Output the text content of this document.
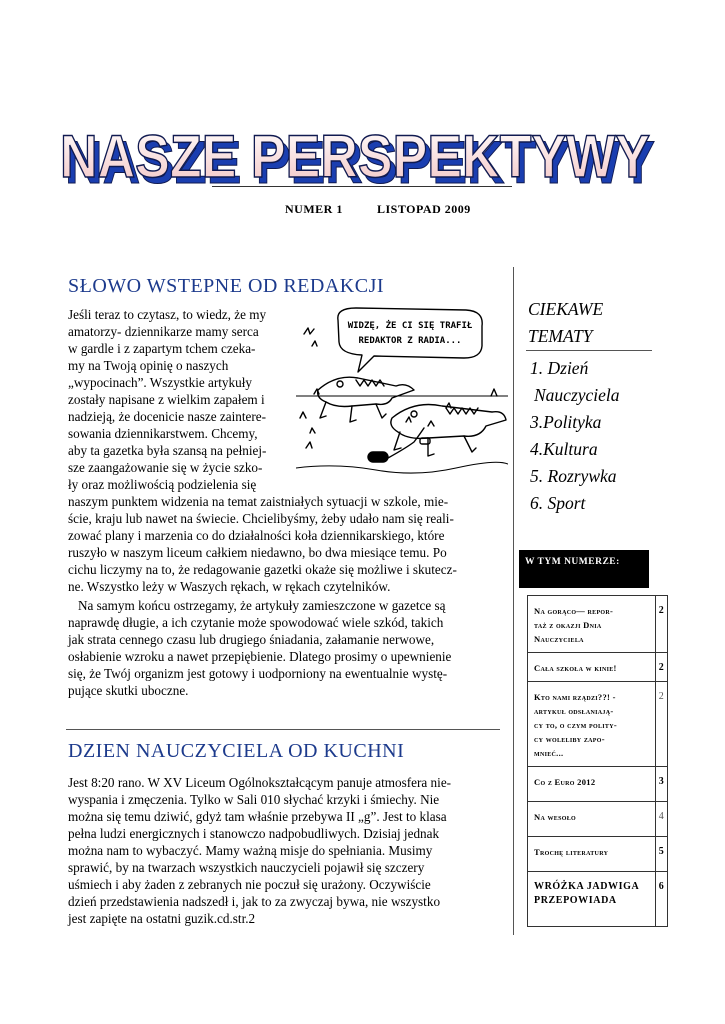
NASZE PERSPEKTYWY
NASZE PERSPEKTYWY
NUMER 1	LISTOPAD 2009
SŁOWO WSTEPNE OD REDAKCJI

Jeśli teraz to czytasz, to wiedz, że my

amatorzy- dziennikarze mamy serca

w gardle i z zapartym tchem czeka-

my na Twoją opinię o naszych

„wypocinach”. Wszystkie artykuły

zostały napisane z wielkim zapałem i

nadzieją, że docenicie nasze zaintere-

sowania dziennikarstwem. Chcemy,

aby ta gazetka była szansą na pełniej-

sze zaangażowanie się w życie szko-

ły oraz możliwością podzielenia się

naszym punktem widzenia na temat zaistniałych sytuacji w szkole, mie-

ście, kraju lub nawet na świecie. Chcielibyśmy, żeby udało nam się reali-

zować plany i marzenia co do działalności koła dziennikarskiego, które

ruszyło w naszym liceum całkiem niedawno, bo dwa miesiące temu. Po

cichu liczymy na to, że redagowanie gazetki okaże się możliwe i skutecz-

ne. Wszystko leży w Waszych rękach, w rękach czytelników.

Na samym końcu ostrzegamy, że artykuły zamieszczone w gazetce są

naprawdę długie, a ich czytanie może spowodować wiele szkód, takich

jak strata cennego czasu lub drugiego śniadania, załamanie nerwowe,

osłabienie wzroku a nawet przepiębienie. Dlatego prosimy o upewnienie

się, że Twój organizm jest gotowy i uodporniony na ewentualnie wystę-

pujące skutki uboczne.

WIDZĘ, ŻE CI SIĘ TRAFIŁ
REDAKTOR Z RADIA...
DZIEN NAUCZYCIELA OD KUCHNI

Jest 8:20 rano. W XV Liceum Ogólnokształcącym panuje atmosfera nie-

wyspania i zmęczenia. Tylko w Sali 010 słychać krzyki i śmiechy. Nie

można się temu dziwić, gdyż tam właśnie przebywa II „g”. Jest to klasa

pełna ludzi energicznych i stanowczo nadpobudliwych. Dzisiaj jednak

można nam to wybaczyć. Mamy ważną misje do spełniania. Musimy

sprawić, by na twarzach wszystkich nauczycieli pojawił się szczery

uśmiech i aby żaden z zebranych nie poczuł się urażony. Oczywiście

dzień przedstawienia nadszedł i, jak to za zwyczaj bywa, nie wszystko

jest zapięte na ostatni guzik.cd.str.2

CIEKAWE
TEMATY
1. Dzień
Nauczyciela
3.Polityka
4.Kultura
5. Rozrywka
6. Sport
W TYM NUMERZE:
Na gorąco— repor-
taż z okazji Dnia
Nauczyciela	2

Cała szkoła w kinie!	2

Kto nami rządzi??! -
artykuł odsłaniają-
cy to, o czym polity-
cy woleliby zapo-
mnieć...	2

Co z Euro 2012	3

Na wesoło	4

Trochę literatury	5

WRÓŻKA JADWIGA
PRZEPOWIADA	6
